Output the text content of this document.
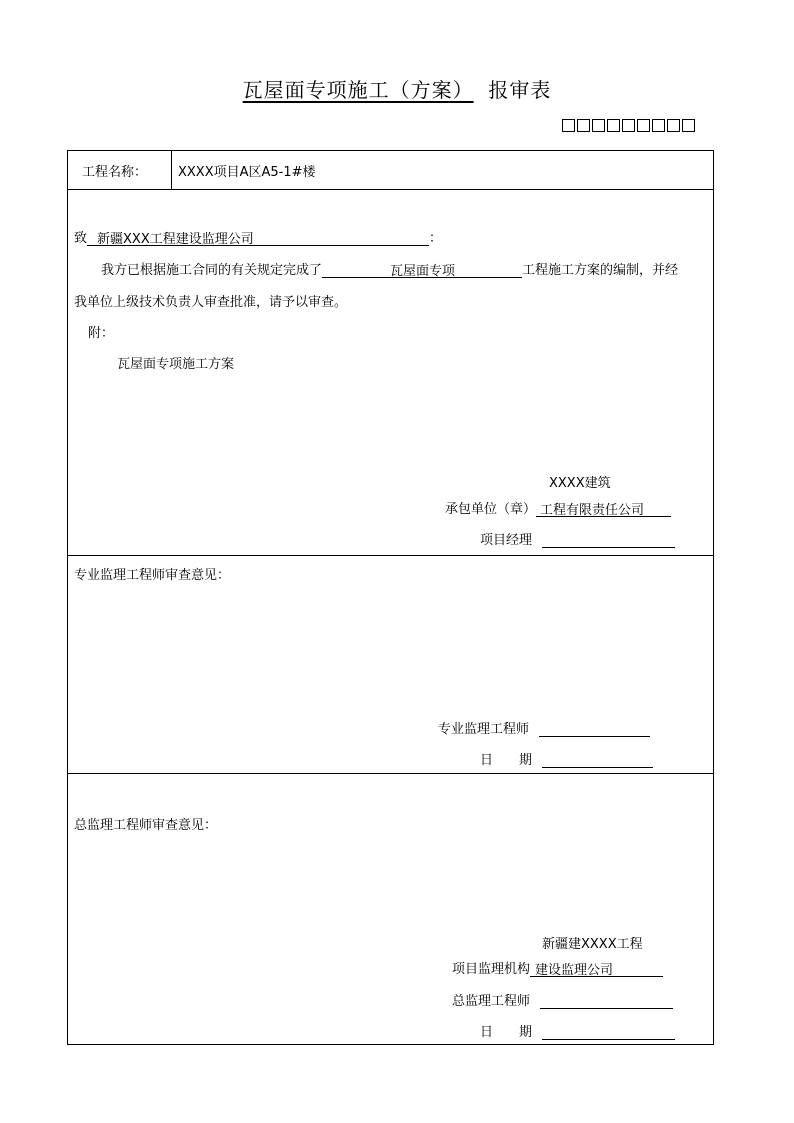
瓦屋面专项施工（方案） 报审表
工程名称： XXXX项目A区A5-1#楼
致 新疆XXX工程建设监理公司	：
我方已根据施工合同的有关规定完成了	瓦屋面专项	工程施工方案的编制，并经
我单位上级技术负责人审查批准，请予以审查。
附：
瓦屋面专项施工方案
XXXX建筑
承包单位（章） 工程有限责任公司
项目经理
专业监理工程师审查意见：
专业监理工程师
日　　期
总监理工程师审查意见：
新疆建XXXX工程
项目监理机构 建设监理公司
总监理工程师
日　　期
